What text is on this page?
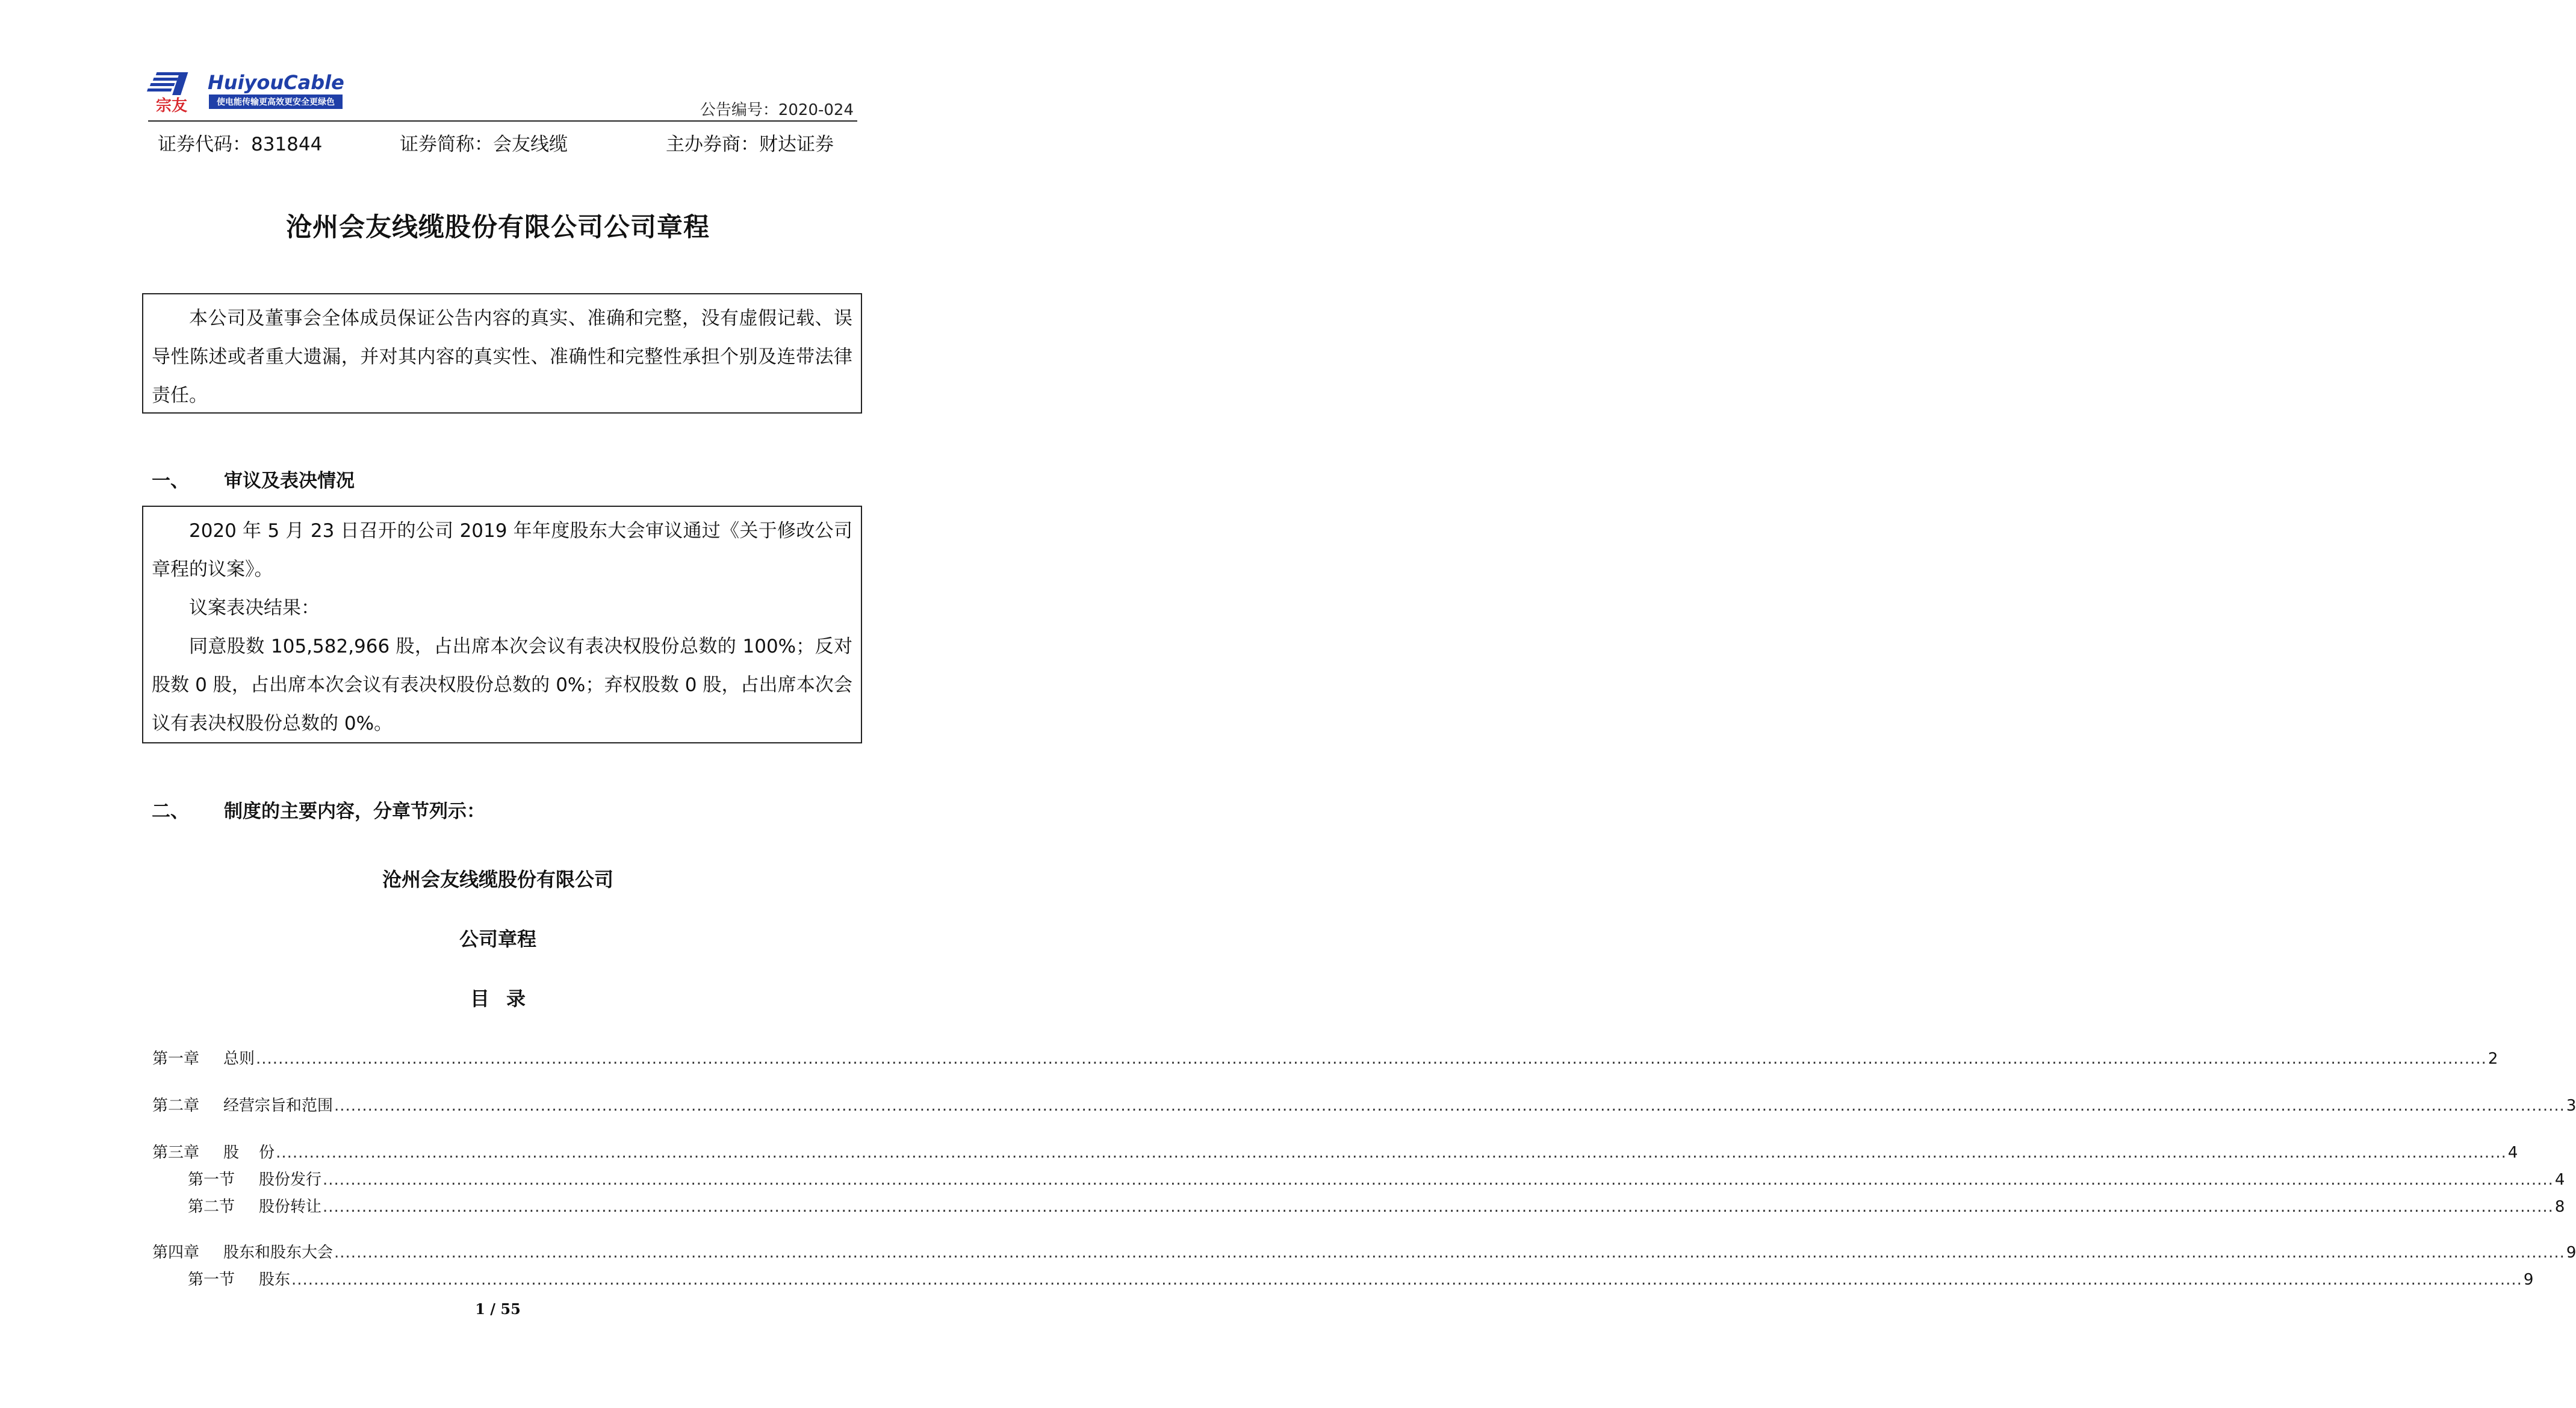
宗友
HuiyouCable
使电能传输更高效更安全更绿色	公告编号：2020-024
证券代码：831844	证券简称：会友线缆	主办券商：财达证券
沧州会友线缆股份有限公司公司章程
本公司及董事会全体成员保证公告内容的真实、准确和完整，没有虚假记载、误导性陈述或者重大遗漏，并对其内容的真实性、准确性和完整性承担个别及连带法律责任。
一、 审议及表决情况

2020 年 5 月 23 日召开的公司 2019 年年度股东大会审议通过《关于修改公司章程的议案》。

议案表决结果：

同意股数 105,582,966 股，占出席本次会议有表决权股份总数的 100%；反对股数 0 股，占出席本次会议有表决权股份总数的 0%；弃权股数 0 股，占出席本次会议有表决权股份总数的 0%。

二、 制度的主要内容，分章节列示：
沧州会友线缆股份有限公司
公司章程
目录
第一章 总则 ................................................................................................................................................................................................................................................................................................................................................................................................................ 2
第二章 经营宗旨和范围 ................................................................................................................................................................................................................................................................................................................................................................................................................ 3
第三章 股    份 ................................................................................................................................................................................................................................................................................................................................................................................................................ 4
第一节 股份发行 ................................................................................................................................................................................................................................................................................................................................................................................................................ 4
第二节 股份转让 ................................................................................................................................................................................................................................................................................................................................................................................................................ 8
第四章 股东和股东大会 ................................................................................................................................................................................................................................................................................................................................................................................................................ 9
第一节 股东 ................................................................................................................................................................................................................................................................................................................................................................................................................ 9
1 / 55
